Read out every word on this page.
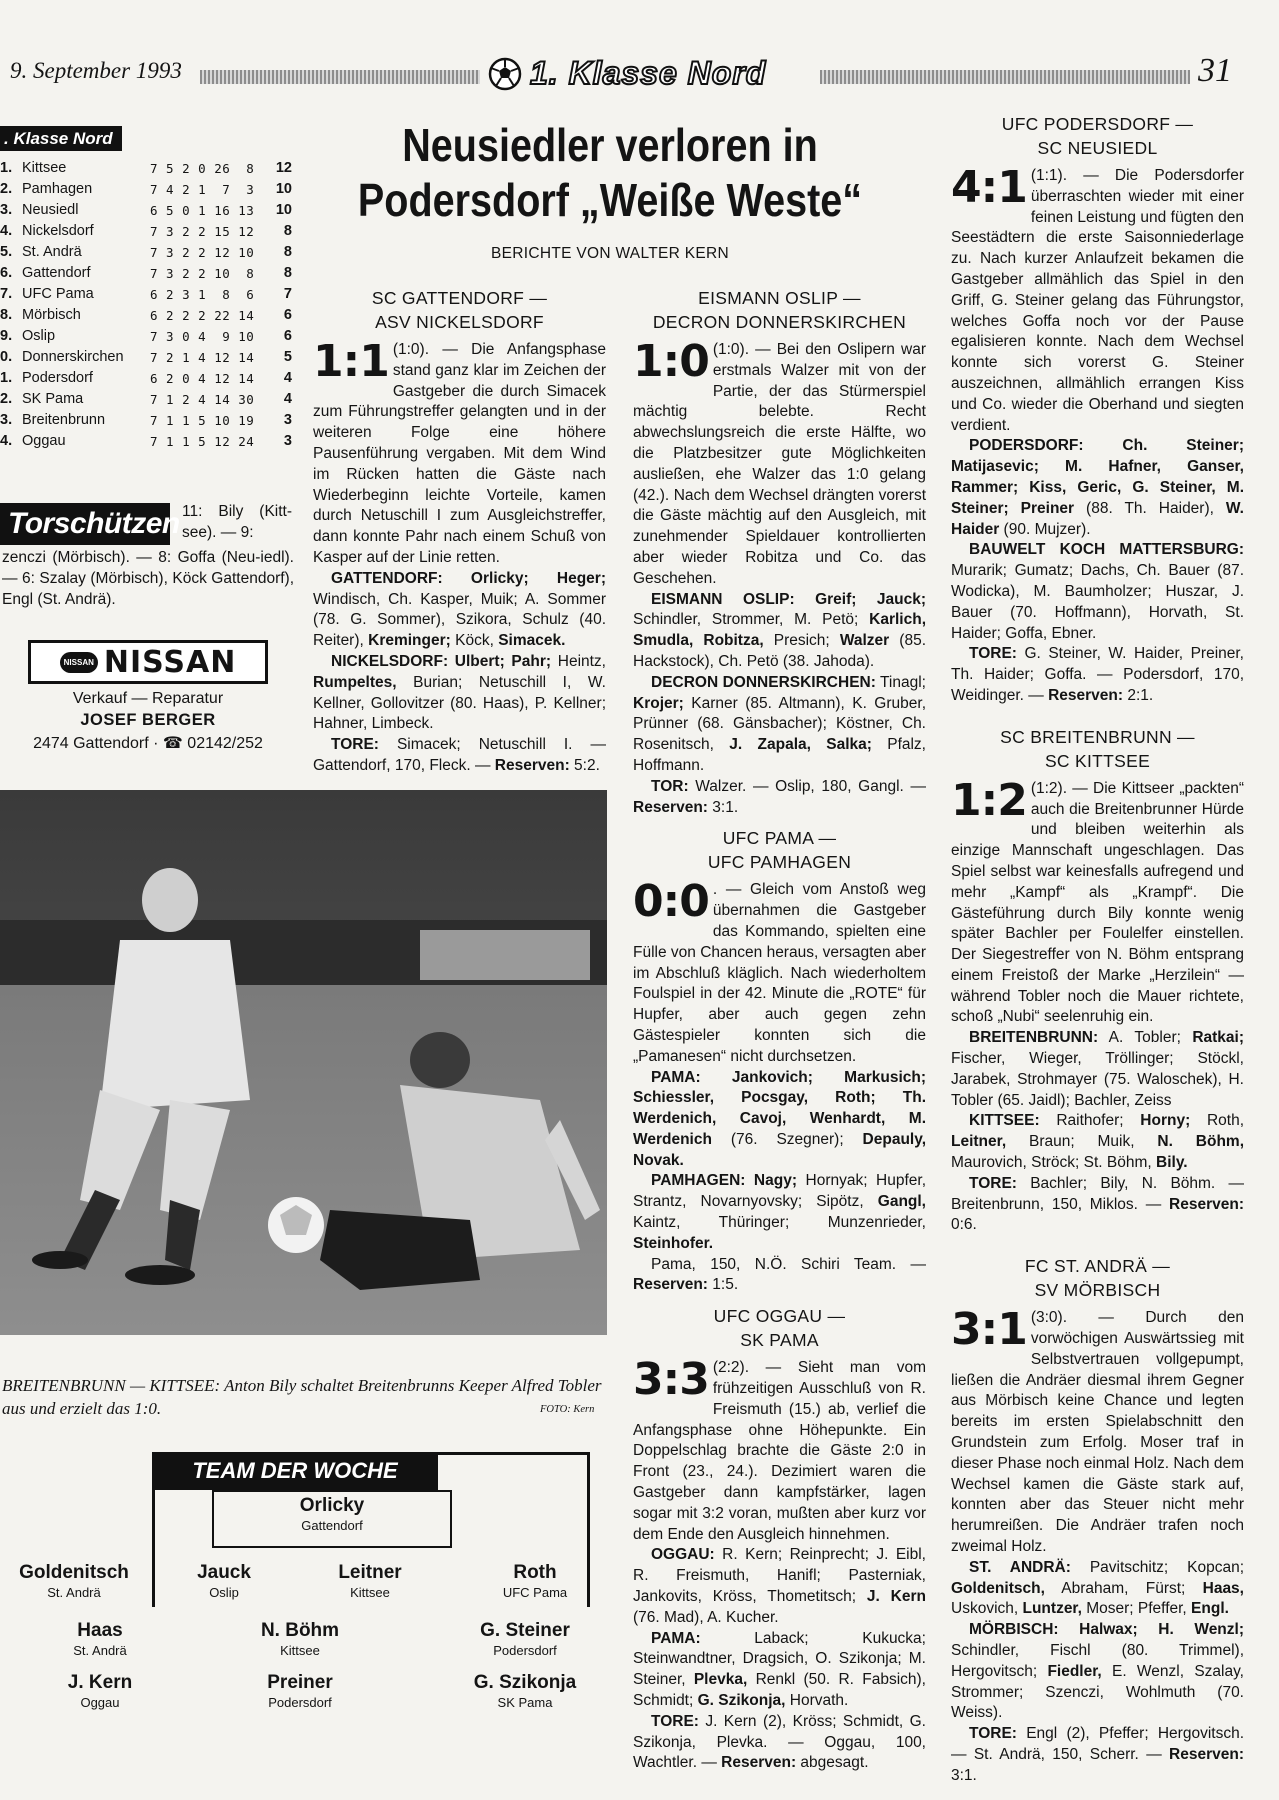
9. September 1993	1. Klasse Nord	31
. Klasse Nord
1.	Kittsee	7 5 2 0 26  8	12
2.	Pamhagen	7 4 2 1  7  3	10
3.	Neusiedl	6 5 0 1 16 13	10
4.	Nickelsdorf	7 3 2 2 15 12	8
5.	St. Andrä	7 3 2 2 12 10	8
6.	Gattendorf	7 3 2 2 10  8	8
7.	UFC Pama	6 2 3 1  8  6	7
8.	Mörbisch	6 2 2 2 22 14	6
9.	Oslip	7 3 0 4  9 10	6
0.	Donnerskirchen	7 2 1 4 12 14	5
1.	Podersdorf	6 2 0 4 12 14	4
2.	SK Pama	7 1 2 4 14 30	4
3.	Breitenbrunn	7 1 1 5 10 19	3
4.	Oggau	7 1 1 5 12 24	3
Torschützen 11: Bily (Kitt-see). — 9:
zenczi (Mörbisch). — 8: Goffa (Neu-iedl). — 6: Szalay (Mörbisch), Köck Gattendorf), Engl (St. Andrä).
NISSAN NISSAN
Verkauf — Reparatur
JOSEF BERGER
2474 Gattendorf · ☎ 02142/252
Neusiedler verloren in
Podersdorf „Weiße Weste“
BERICHTE VON WALTER KERN
SC GATTENDORF —
ASV NICKELSDORF
1:1 (1:0). — Die Anfangsphase stand ganz klar im Zeichen der Gastgeber die durch Simacek zum Führungstreffer gelangten und in der weiteren Folge eine höhere Pausenführung vergaben. Mit dem Wind im Rücken hatten die Gäste nach Wiederbeginn leichte Vorteile, kamen durch Netuschill I zum Ausgleichstreffer, dann konnte Pahr nach einem Schuß von Kasper auf der Linie retten.

GATTENDORF: Orlicky; Heger; Windisch, Ch. Kasper, Muik; A. Sommer (78. G. Sommer), Szikora, Schulz (40. Reiter), Kreminger; Köck, Simacek.

NICKELSDORF: Ulbert; Pahr; Heintz, Rumpeltes, Burian; Netuschill I, W. Kellner, Gollovitzer (80. Haas), P. Kellner; Hahner, Limbeck.

TORE: Simacek; Netuschill I. — Gattendorf, 170, Fleck. — Reserven: 5:2.

BREITENBRUNN — KITTSEE: Anton Bily schaltet Breitenbrunns Keeper Alfred Tobler aus und erzielt das 1:0.	FOTO: Kern
TEAM DER WOCHE
Orlicky
Gattendorf
Goldenitsch
St. Andrä
Jauck
Oslip
Leitner
Kittsee
Roth
UFC Pama
Haas
St. Andrä
N. Böhm
Kittsee
G. Steiner
Podersdorf
J. Kern
Oggau
Preiner
Podersdorf
G. Szikonja
SK Pama
EISMANN OSLIP —
DECRON DONNERSKIRCHEN
1:0 (1:0). — Bei den Oslipern war erstmals Walzer mit von der Partie, der das Stürmerspiel mächtig belebte. Recht abwechslungsreich die erste Hälfte, wo die Platzbesitzer gute Möglichkeiten ausließen, ehe Walzer das 1:0 gelang (42.). Nach dem Wechsel drängten vorerst die Gäste mächtig auf den Ausgleich, mit zunehmender Spieldauer kontrollierten aber wieder Robitza und Co. das Geschehen.

EISMANN OSLIP: Greif; Jauck; Schindler, Strommer, M. Petö; Karlich, Smudla, Robitza, Presich; Walzer (85. Hackstock), Ch. Petö (38. Jahoda).

DECRON DONNERSKIRCHEN: Tinagl; Krojer; Karner (85. Altmann), K. Gruber, Prünner (68. Gänsbacher); Köstner, Ch. Rosenitsch, J. Zapala, Salka; Pfalz, Hoffmann.

TOR: Walzer. — Oslip, 180, Gangl. — Reserven: 3:1.

UFC PAMA —
UFC PAMHAGEN
0:0 . — Gleich vom Anstoß weg übernahmen die Gastgeber das Kommando, spielten eine Fülle von Chancen heraus, versagten aber im Abschluß kläglich. Nach wiederholtem Foulspiel in der 42. Minute die „ROTE“ für Hupfer, aber auch gegen zehn Gästespieler konnten sich die „Pamanesen“ nicht durchsetzen.

PAMA: Jankovich; Markusich; Schiessler, Pocsgay, Roth; Th. Werdenich, Cavoj, Wenhardt, M. Werdenich (76. Szegner); Depauly, Novak.

PAMHAGEN: Nagy; Hornyak; Hupfer, Strantz, Novarnyovsky; Sipötz, Gangl, Kaintz, Thüringer; Munzenrieder, Steinhofer.

Pama, 150, N.Ö. Schiri Team. — Reserven: 1:5.

UFC OGGAU —
SK PAMA
3:3 (2:2). — Sieht man vom frühzeitigen Ausschluß von R. Freismuth (15.) ab, verlief die Anfangsphase ohne Höhepunkte. Ein Doppelschlag brachte die Gäste 2:0 in Front (23., 24.). Dezimiert waren die Gastgeber dann kampfstärker, lagen sogar mit 3:2 voran, mußten aber kurz vor dem Ende den Ausgleich hinnehmen.

OGGAU: R. Kern; Reinprecht; J. Eibl, R. Freismuth, Hanifl; Pasterniak, Jankovits, Kröss, Thometitsch; J. Kern (76. Mad), A. Kucher.

PAMA: Laback; Kukucka; Steinwandtner, Dragsich, O. Szikonja; M. Steiner, Plevka, Renkl (50. R. Fabsich), Schmidt; G. Szikonja, Horvath.

TORE: J. Kern (2), Kröss; Schmidt, G. Szikonja, Plevka. — Oggau, 100, Wachtler. — Reserven: abgesagt.

UFC PODERSDORF —
SC NEUSIEDL
4:1 (1:1). — Die Podersdorfer überraschten wieder mit einer feinen Leistung und fügten den Seestädtern die erste Saisonniederlage zu. Nach kurzer Anlaufzeit bekamen die Gastgeber allmählich das Spiel in den Griff, G. Steiner gelang das Führungstor, welches Goffa noch vor der Pause egalisieren konnte. Nach dem Wechsel konnte sich vorerst G. Steiner auszeichnen, allmählich errangen Kiss und Co. wieder die Oberhand und siegten verdient.

PODERSDORF: Ch. Steiner; Matijasevic; M. Hafner, Ganser, Rammer; Kiss, Geric, G. Steiner, M. Steiner; Preiner (88. Th. Haider), W. Haider (90. Mujzer).

BAUWELT KOCH MATTERSBURG: Murarik; Gumatz; Dachs, Ch. Bauer (87. Wodicka), M. Baumholzer; Huszar, J. Bauer (70. Hoffmann), Horvath, St. Haider; Goffa, Ebner.

TORE: G. Steiner, W. Haider, Preiner, Th. Haider; Goffa. — Podersdorf, 170, Weidinger. — Reserven: 2:1.

SC BREITENBRUNN —
SC KITTSEE
1:2 (1:2). — Die Kittseer „packten“ auch die Breitenbrunner Hürde und bleiben weiterhin als einzige Mannschaft ungeschlagen. Das Spiel selbst war keinesfalls aufregend und mehr „Kampf“ als „Krampf“. Die Gästeführung durch Bily konnte wenig später Bachler per Foulelfer einstellen. Der Siegestreffer von N. Böhm entsprang einem Freistoß der Marke „Herzilein“ — während Tobler noch die Mauer richtete, schoß „Nubi“ seelenruhig ein.

BREITENBRUNN: A. Tobler; Ratkai; Fischer, Wieger, Tröllinger; Stöckl, Jarabek, Strohmayer (75. Waloschek), H. Tobler (65. Jaidl); Bachler, Zeiss

KITTSEE: Raithofer; Horny; Roth, Leitner, Braun; Muik, N. Böhm, Maurovich, Ströck; St. Böhm, Bily.

TORE: Bachler; Bily, N. Böhm. — Breitenbrunn, 150, Miklos. — Reserven: 0:6.

FC ST. ANDRÄ —
SV MÖRBISCH
3:1 (3:0). — Durch den vorwöchigen Auswärtssieg mit Selbstvertrauen vollgepumpt, ließen die Andräer diesmal ihrem Gegner aus Mörbisch keine Chance und legten bereits im ersten Spielabschnitt den Grundstein zum Erfolg. Moser traf in dieser Phase noch einmal Holz. Nach dem Wechsel kamen die Gäste stark auf, konnten aber das Steuer nicht mehr herumreißen. Die Andräer trafen noch zweimal Holz.

ST. ANDRÄ: Pavitschitz; Kopcan; Goldenitsch, Abraham, Fürst; Haas, Uskovich, Luntzer, Moser; Pfeffer, Engl.

MÖRBISCH: Halwax; H. Wenzl; Schindler, Fischl (80. Trimmel), Hergovitsch; Fiedler, E. Wenzl, Szalay, Strommer; Szenczi, Wohlmuth (70. Weiss).

TORE: Engl (2), Pfeffer; Hergovitsch. — St. Andrä, 150, Scherr. — Reserven: 3:1.
